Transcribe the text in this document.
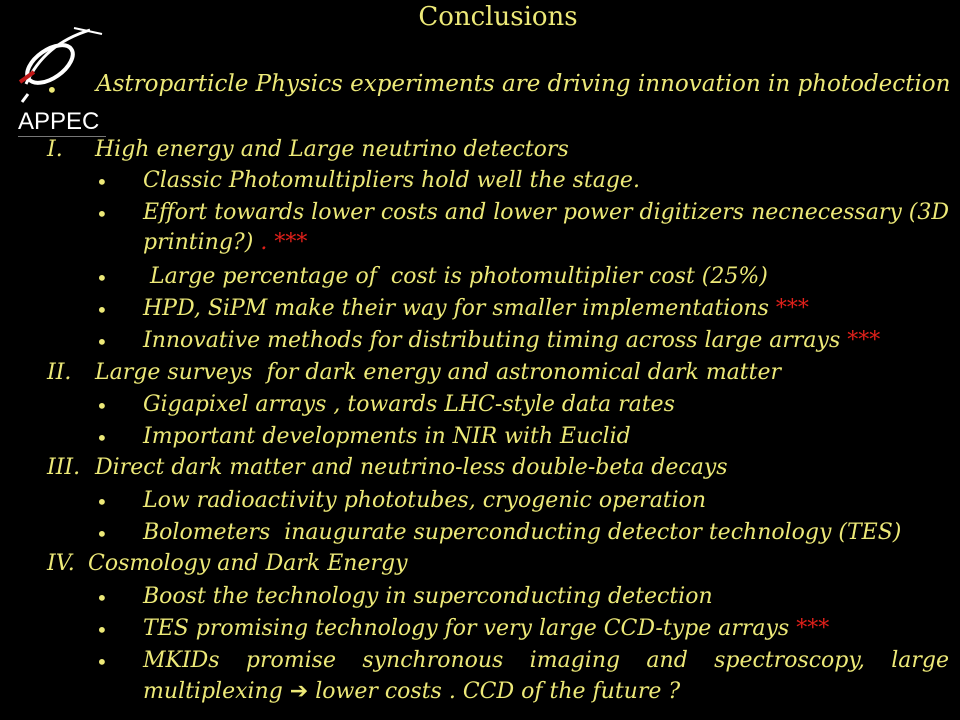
Conclusions
APPEC
• Astroparticle Physics experiments are driving innovation in photodection
I. High energy and Large neutrino detectors
• Classic Photomultipliers hold well the stage.
• Effort towards lower costs and lower power digitizers necnecessary (3D
printing?) . ***
• Large percentage of  cost is photomultiplier cost (25%)
• HPD, SiPM make their way for smaller implementations ***
• Innovative methods for distributing timing across large arrays ***
II. Large surveys  for dark energy and astronomical dark matter
• Gigapixel arrays , towards LHC-style data rates
• Important developments in NIR with Euclid
III. Direct dark matter and neutrino-less double-beta decays
• Low radioactivity phototubes, cryogenic operation
• Bolometers  inaugurate superconducting detector technology (TES)
IV. Cosmology and Dark Energy
• Boost the technology in superconducting detection
• TES promising technology for very large CCD-type arrays ***
• MKIDs promise synchronous imaging and spectroscopy, large
multiplexing ➔ lower costs . CCD of the future ?
